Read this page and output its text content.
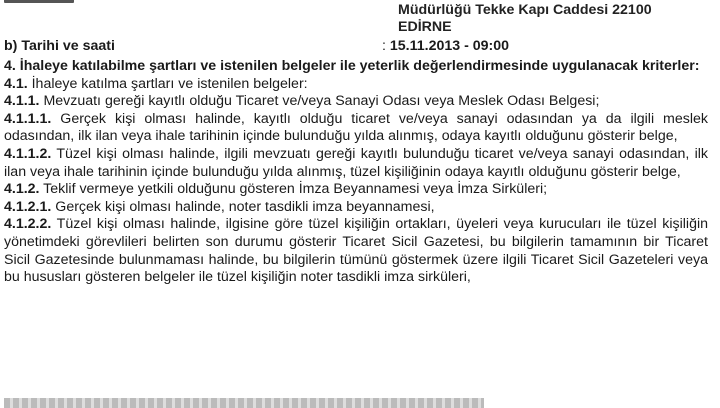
Müdürlüğü Tekke Kapı Caddesi 22100
EDİRNE
b) Tarihi ve saati	: 15.11.2013 - 09:00

4. İhaleye katılabilme şartları ve istenilen belgeler ile yeterlik değerlendirmesinde uygulanacak kriterler:

4.1. İhaleye katılma şartları ve istenilen belgeler:

4.1.1. Mevzuatı gereği kayıtlı olduğu Ticaret ve/veya Sanayi Odası veya Meslek Odası Belgesi;

4.1.1.1. Gerçek kişi olması halinde, kayıtlı olduğu ticaret ve/veya sanayi odasından ya da ilgili meslek odasından, ilk ilan veya ihale tarihinin içinde bulunduğu yılda alınmış, odaya kayıtlı olduğunu gösterir belge,

4.1.1.2. Tüzel kişi olması halinde, ilgili mevzuatı gereği kayıtlı bulunduğu ticaret ve/veya sanayi odasından, ilk ilan veya ihale tarihinin içinde bulunduğu yılda alınmış, tüzel kişiliğinin odaya kayıtlı olduğunu gösterir belge,

4.1.2. Teklif vermeye yetkili olduğunu gösteren İmza Beyannamesi veya İmza Sirküleri;

4.1.2.1. Gerçek kişi olması halinde, noter tasdikli imza beyannamesi,

4.1.2.2. Tüzel kişi olması halinde, ilgisine göre tüzel kişiliğin ortakları, üyeleri veya kurucuları ile tüzel kişiliğin yönetimdeki görevlileri belirten son durumu gösterir Ticaret Sicil Gazetesi, bu bilgilerin tamamının bir Ticaret Sicil Gazetesinde bulunmaması halinde, bu bilgilerin tümünü göstermek üzere ilgili Ticaret Sicil Gazeteleri veya bu hususları gösteren belgeler ile tüzel kişiliğin noter tasdikli imza sirküleri,
